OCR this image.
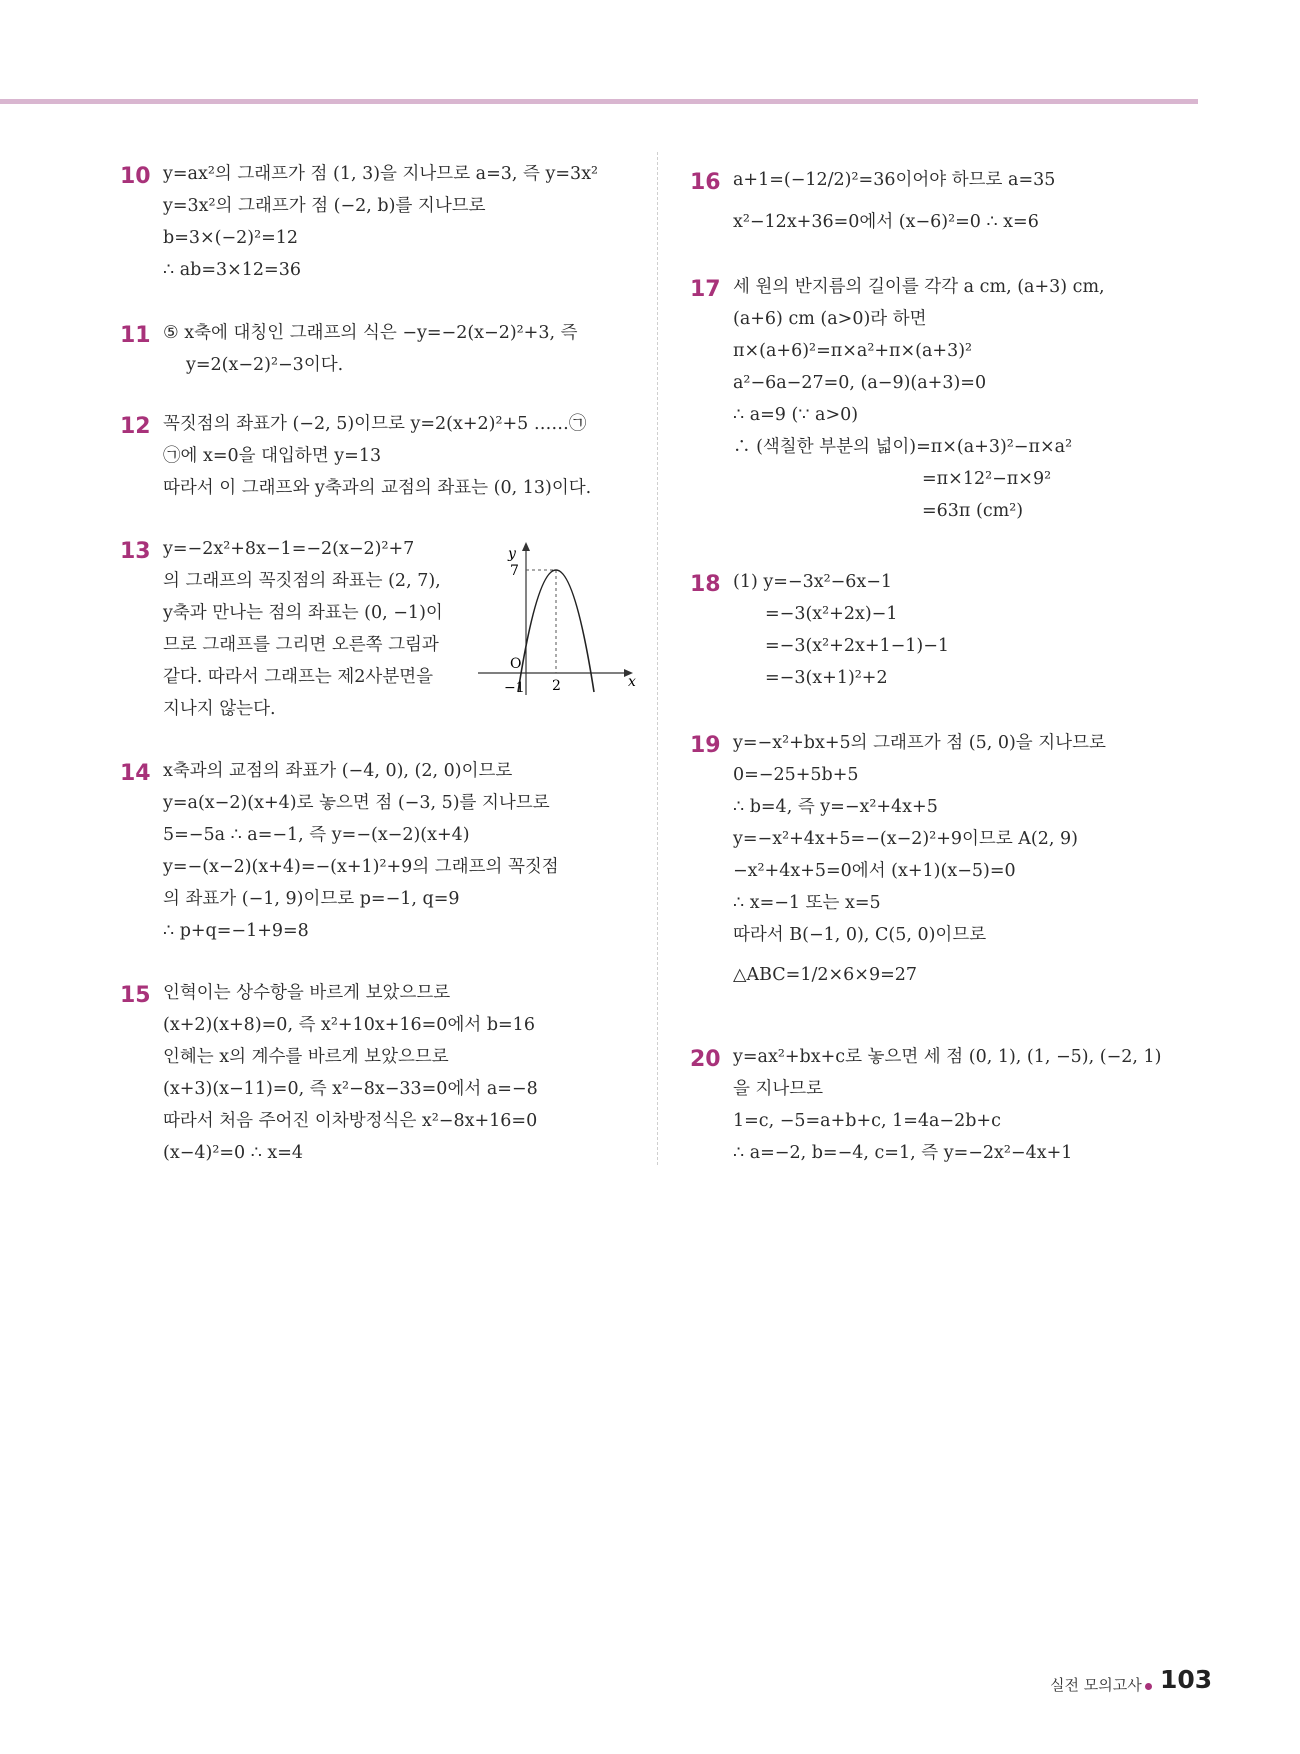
10 y=ax²의 그래프가 점 (1, 3)을 지나므로 a=3, 즉 y=3x²
y=3x²의 그래프가 점 (−2, b)를 지나므로
b=3×(−2)²=12
∴ ab=3×12=36
11 ⑤ x축에 대칭인 그래프의 식은 −y=−2(x−2)²+3, 즉
y=2(x−2)²−3이다.
12 꼭짓점의 좌표가 (−2, 5)이므로 y=2(x+2)²+5 ……㉠
㉠에 x=0을 대입하면 y=13
따라서 이 그래프와 y축과의 교점의 좌표는 (0, 13)이다.
13 y=−2x²+8x−1=−2(x−2)²+7
의 그래프의 꼭짓점의 좌표는 (2, 7),
y축과 만나는 점의 좌표는 (0, −1)이
므로 그래프를 그리면 오른쪽 그림과
같다. 따라서 그래프는 제2사분면을
지나지 않는다.
y
x
7
O
2
−1
14 x축과의 교점의 좌표가 (−4, 0), (2, 0)이므로
y=a(x−2)(x+4)로 놓으면 점 (−3, 5)를 지나므로
5=−5a ∴ a=−1, 즉 y=−(x−2)(x+4)
y=−(x−2)(x+4)=−(x+1)²+9의 그래프의 꼭짓점
의 좌표가 (−1, 9)이므로 p=−1, q=9
∴ p+q=−1+9=8
15 인혁이는 상수항을 바르게 보았으므로
(x+2)(x+8)=0, 즉 x²+10x+16=0에서 b=16
인혜는 x의 계수를 바르게 보았으므로
(x+3)(x−11)=0, 즉 x²−8x−33=0에서 a=−8
따라서 처음 주어진 이차방정식은 x²−8x+16=0
(x−4)²=0 ∴ x=4
16 a+1=(−12/2)²=36이어야 하므로 a=35
x²−12x+36=0에서 (x−6)²=0 ∴ x=6
17 세 원의 반지름의 길이를 각각 a cm, (a+3) cm,
(a+6) cm (a>0)라 하면
π×(a+6)²=π×a²+π×(a+3)²
a²−6a−27=0, (a−9)(a+3)=0
∴ a=9 (∵ a>0)
∴ (색칠한 부분의 넓이)=π×(a+3)²−π×a²
=π×12²−π×9²
=63π (cm²)
18 (1) y=−3x²−6x−1
=−3(x²+2x)−1
=−3(x²+2x+1−1)−1
=−3(x+1)²+2
19 y=−x²+bx+5의 그래프가 점 (5, 0)을 지나므로
0=−25+5b+5
∴ b=4, 즉 y=−x²+4x+5
y=−x²+4x+5=−(x−2)²+9이므로 A(2, 9)
−x²+4x+5=0에서 (x+1)(x−5)=0
∴ x=−1 또는 x=5
따라서 B(−1, 0), C(5, 0)이므로
△ABC=1/2×6×9=27
20 y=ax²+bx+c로 놓으면 세 점 (0, 1), (1, −5), (−2, 1)
을 지나므로
1=c, −5=a+b+c, 1=4a−2b+c
∴ a=−2, b=−4, c=1, 즉 y=−2x²−4x+1
실전 모의고사 103
